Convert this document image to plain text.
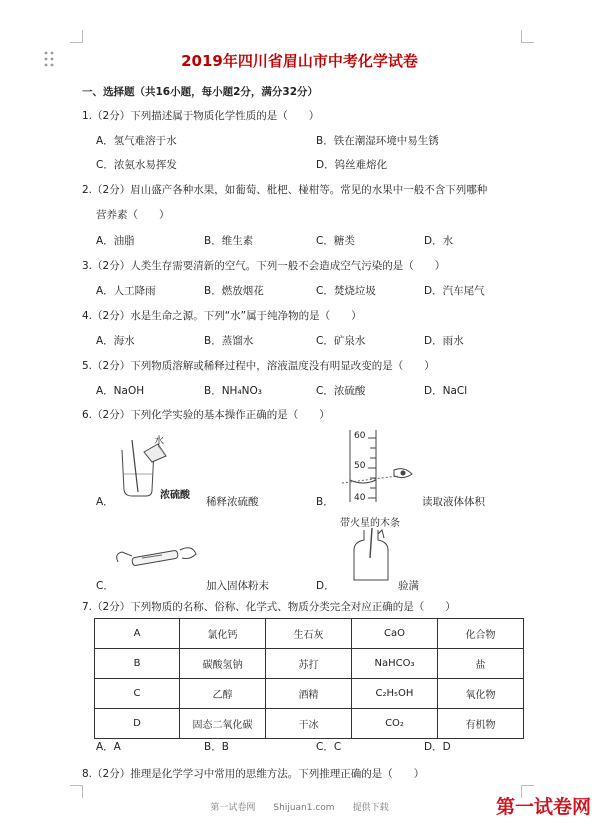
2019年四川省眉山市中考化学试卷
一、选择题（共16小题，每小题2分，满分32分）
1.（2分）下列描述属于物质化学性质的是（　　）
A．氢气难溶于水	B．铁在潮湿环境中易生锈
C．浓氨水易挥发	D．钨丝难熔化
2.（2分）眉山盛产各种水果，如葡萄、枇杷、椪柑等。常见的水果中一般不含下列哪种
营养素（　　）
A．油脂	B．维生素	C．糖类	D．水
3.（2分）人类生存需要清新的空气。下列一般不会造成空气污染的是（　　）
A．人工降雨	B．燃放烟花	C．焚烧垃圾	D．汽车尾气
4.（2分）水是生命之源。下列“水”属于纯净物的是（　　）
A．海水	B．蒸馏水	C．矿泉水	D．雨水
5.（2分）下列物质溶解或稀释过程中，溶液温度没有明显改变的是（　　）
A．NaOH	B．NH₄NO₃	C．浓硫酸	D．NaCl
6.（2分）下列化学实验的基本操作正确的是（　　）
水
浓硫酸
A．	稀释浓硫酸
60
50
40
B．	读取液体体积
C．	加入固体粉末
带火星的木条
D．	验满
7.（2分）下列物质的名称、俗称、化学式、物质分类完全对应正确的是（　　）
A	氯化钙	生石灰	CaO	化合物
B	碳酸氢钠	苏打	NaHCO₃	盐
C	乙醇	酒精	C₂H₅OH	氧化物
D	固态二氧化碳	干冰	CO₂	有机物
A．A	B．B	C．C	D．D
8.（2分）推理是化学学习中常用的思维方法。下列推理正确的是（　　）
第一试卷网　　Shijuan1.com　　提供下载	第一试卷网
